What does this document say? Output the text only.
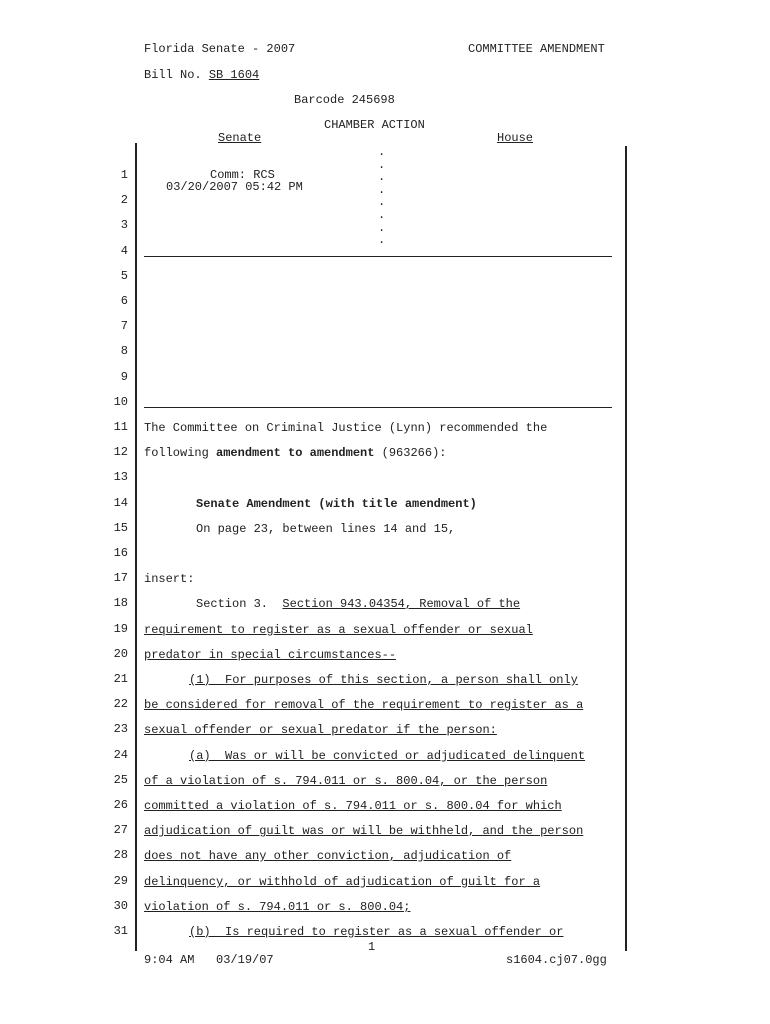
Florida Senate - 2007	COMMITTEE AMENDMENT
Bill No. SB 1604
Barcode 245698
CHAMBER ACTION
Senate	House
Comm: RCS
03/20/2007 05:42 PM
.
.
.
.
.
.
.
.
1
2
3
4
5
6
7
8
9
10
11
12
13
14
15
16
17
18
19
20
21
22
23
24
25
26
27
28
29
30
31
The Committee on Criminal Justice (Lynn) recommended the
following amendment to amendment (963266):
Senate Amendment (with title amendment)
On page 23, between lines 14 and 15,
insert:
Section 3.  Section 943.04354, Removal of the
requirement to register as a sexual offender or sexual
predator in special circumstances--
(1)  For purposes of this section, a person shall only
be considered for removal of the requirement to register as a
sexual offender or sexual predator if the person:
(a)  Was or will be convicted or adjudicated delinquent
of a violation of s. 794.011 or s. 800.04, or the person
committed a violation of s. 794.011 or s. 800.04 for which
adjudication of guilt was or will be withheld, and the person
does not have any other conviction, adjudication of
delinquency, or withhold of adjudication of guilt for a
violation of s. 794.011 or s. 800.04;
(b)  Is required to register as a sexual offender or
1
9:04 AM   03/19/07	s1604.cj07.0gg
